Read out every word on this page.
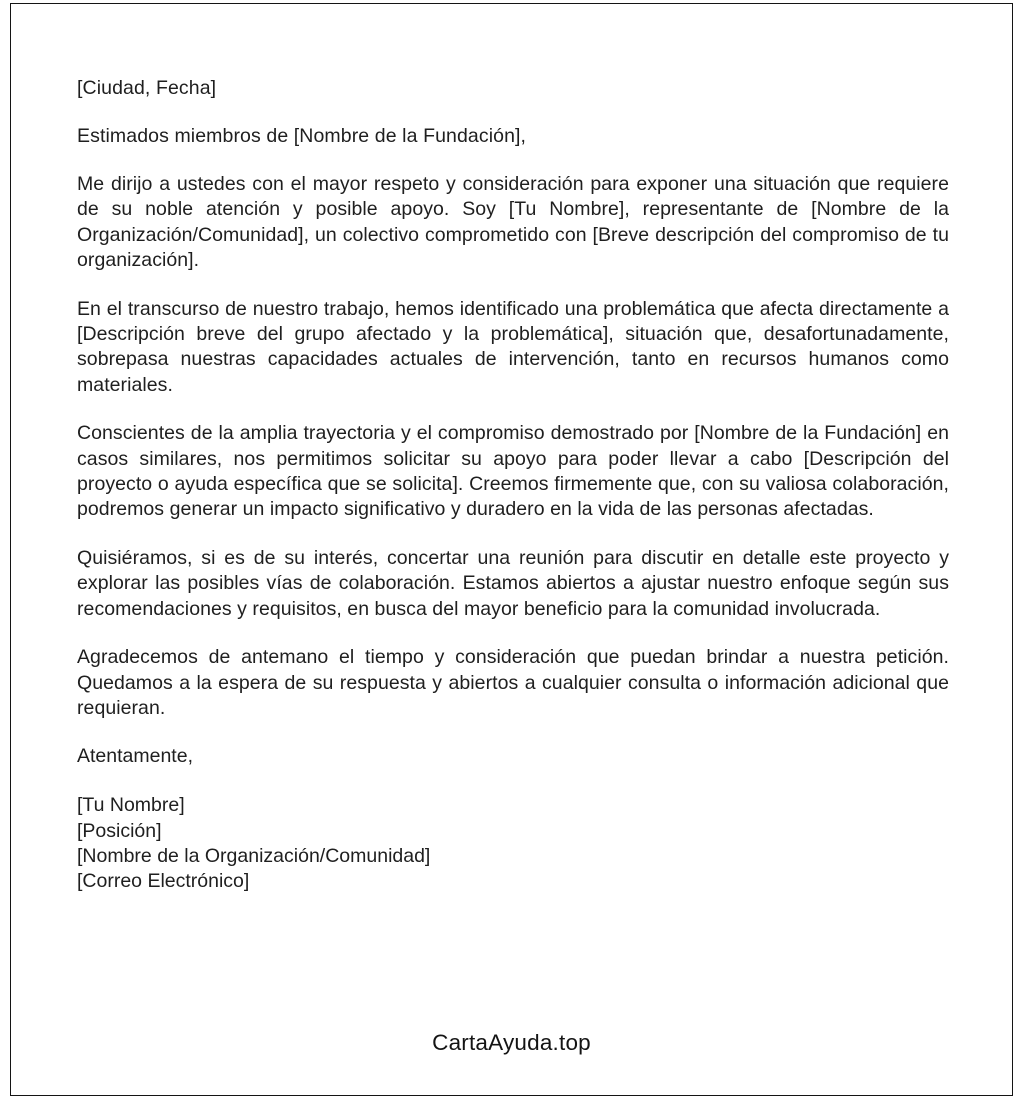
[Ciudad, Fecha]

Estimados miembros de [Nombre de la Fundación],

Me dirijo a ustedes con el mayor respeto y consideración para exponer una situación que requiere de su noble atención y posible apoyo. Soy [Tu Nombre], representante de [Nombre de la Organización/Comunidad], un colectivo comprometido con [Breve descripción del compromiso de tu organización].

En el transcurso de nuestro trabajo, hemos identificado una problemática que afecta directamente a [Descripción breve del grupo afectado y la problemática], situación que, desafortunadamente, sobrepasa nuestras capacidades actuales de intervención, tanto en recursos humanos como materiales.

Conscientes de la amplia trayectoria y el compromiso demostrado por [Nombre de la Fundación] en casos similares, nos permitimos solicitar su apoyo para poder llevar a cabo [Descripción del proyecto o ayuda específica que se solicita]. Creemos firmemente que, con su valiosa colaboración, podremos generar un impacto significativo y duradero en la vida de las personas afectadas.

Quisiéramos, si es de su interés, concertar una reunión para discutir en detalle este proyecto y explorar las posibles vías de colaboración. Estamos abiertos a ajustar nuestro enfoque según sus recomendaciones y requisitos, en busca del mayor beneficio para la comunidad involucrada.

Agradecemos de antemano el tiempo y consideración que puedan brindar a nuestra petición. Quedamos a la espera de su respuesta y abiertos a cualquier consulta o información adicional que requieran.

Atentamente,

[Tu Nombre]
[Posición]
[Nombre de la Organización/Comunidad]
[Correo Electrónico]
CartaAyuda.top
